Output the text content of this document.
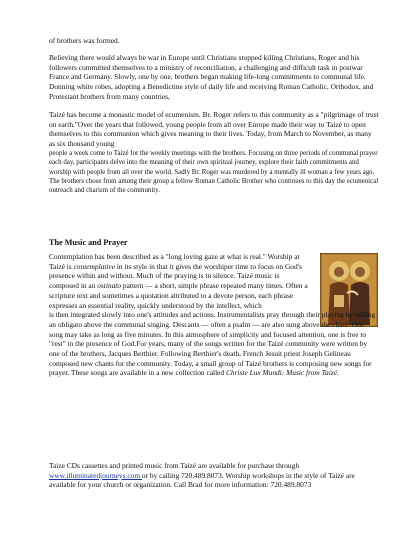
of brothers was formed.

Believing there would always be war in Europe until Christians stopped killing Christians, Roger and his followers committed themselves to a ministry of reconciliation, a challenging and difficult task in postwar France and Germany. Slowly, one by one, brothers began making life-long commitments to communal life. Donning white robes, adopting a Benedictine style of daily life and receiving Roman Catholic, Orthodox, and Protestant brothers from many countries,

Taizé has become a monastic model of ecumenism. Br. Roger refers to this community as a "pilgrimage of trust on earth."Over the years that followed, young people from all over Europe made their way to Taizé to open themselves to this communion which gives meaning to their lives. Today, from March to November, as many as six thousand young

people a week come to Taizé for the weekly meetings with the brothers. Focusing on three periods of communal prayer each day, participants delve into the meaning of their own spiritual journey, explore their faith commitments and worship with people from all over the world. Sadly Br. Roger was murdered by a mentally ill woman a few years ago. The brothers chose from among their group a fellow Roman Catholic Brother who continues to this day the ecumenical outreach and charism of the community.

The Music and Prayer

Contemplation has been described as a "long loving gaze at what is real." Worship at Taizé is contemplative in its style in that it gives the worshiper time to focus on God's presence within and without. Much of the praying is in silence. Taizé music is composed in an ostinato pattern — a short, simple phrase repeated many times. Often a scripture text and sometimes a quotation attributed to a devote person, each phrase expresses an essential reality, quickly understood by the intellect, which
is then integrated slowly into one's attitudes and actions. Instrumentalists pray through their playing by adding an obligato above the communal singing. Descants — often a psalm — are also sung above the chant. One song may take as long as five minutes. In this atmosphere of simplicity and focused attention, one is free to "rest" in the presence of God.For years, many of the songs written for the Taizé community were written by one of the brothers, Jacques Berthier. Following Berthier's death, French Jesuit priest Joseph Gelineau composed new chants for the community. Today, a small group of Taizé brothers is composing new songs for prayer. These songs are available in a new collection called Christe Lux Mundi: Music from Taizé.

Taize CDs cassettes and printed music from Taizé are available for purchase through www.illuminatedjourneys.com or by calling 720.489.8073. Worship workshops in the style of Taizé are available for your church or organization. Call Brad for more information: 720.489.8073
